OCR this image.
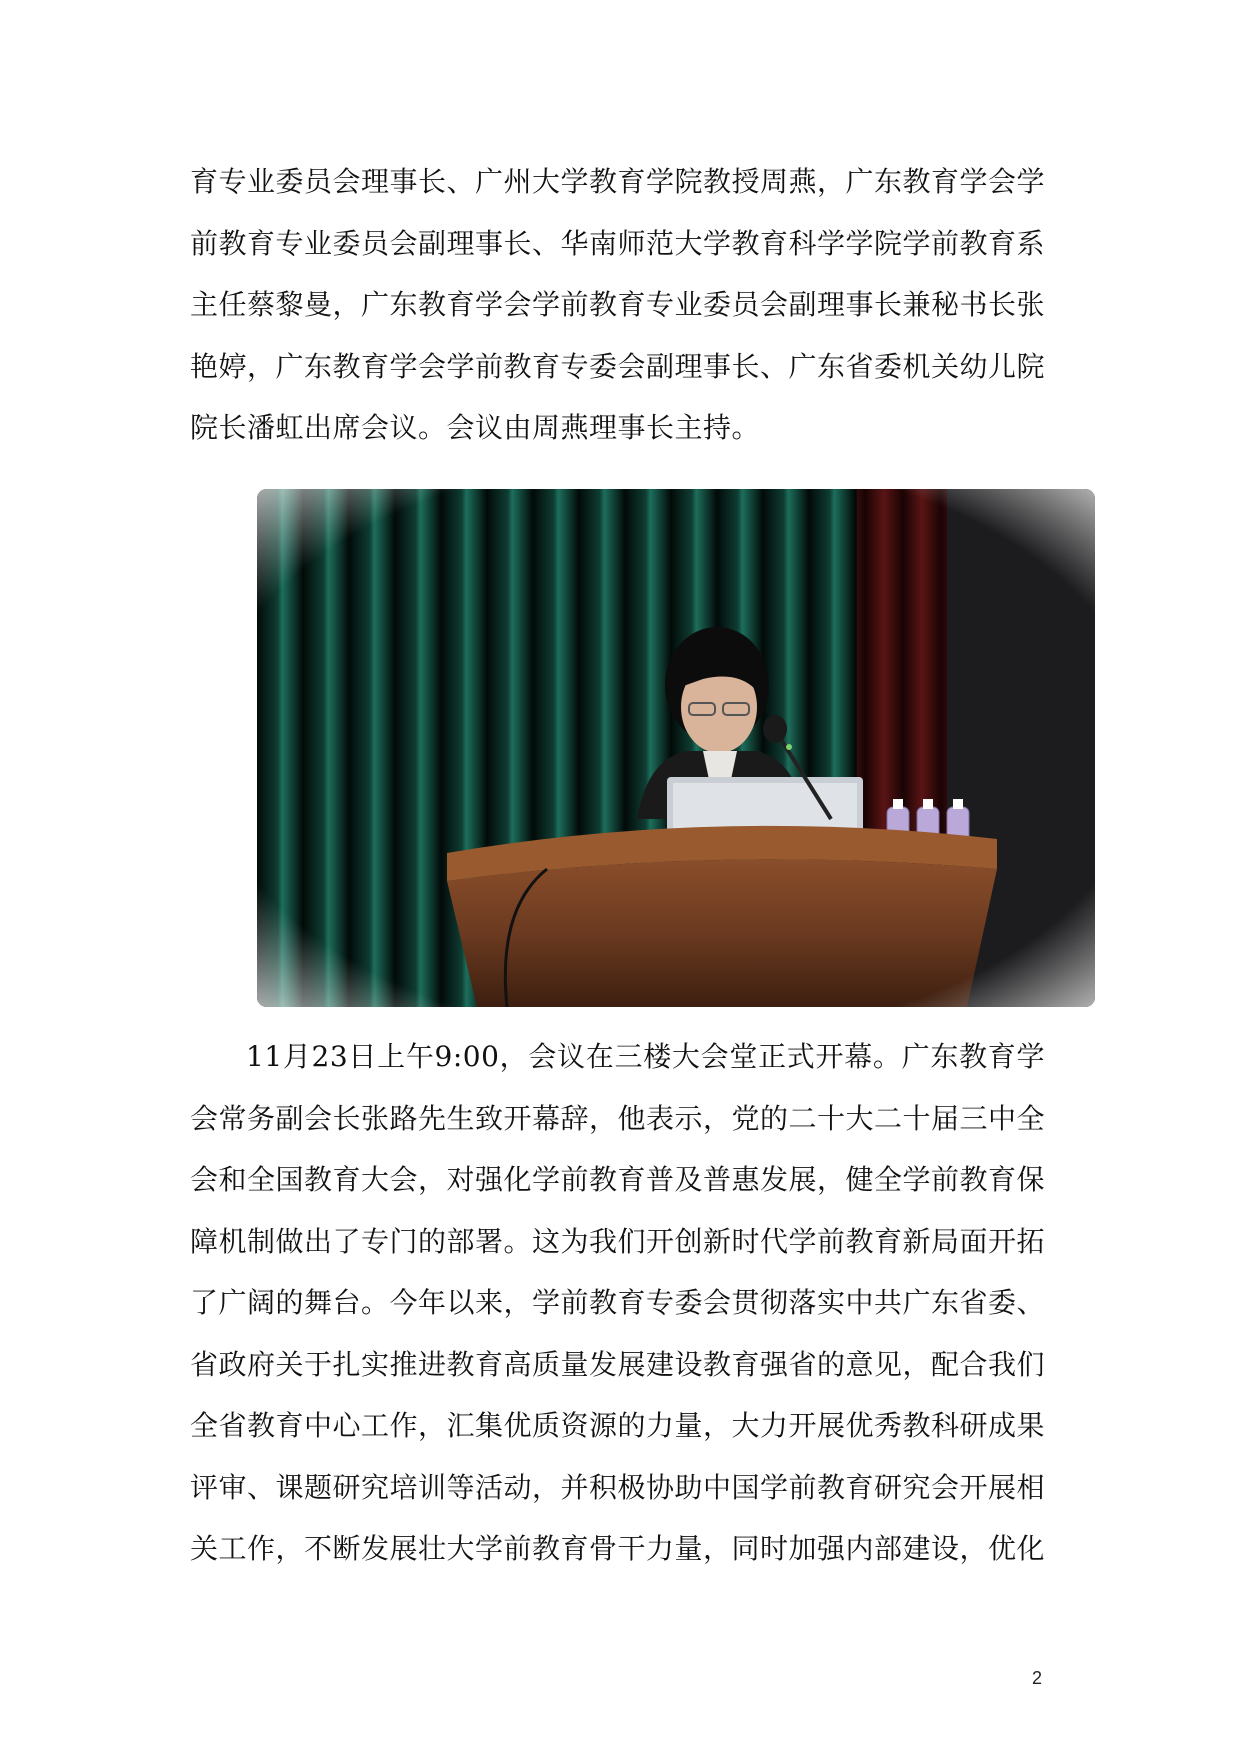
育专业委员会理事长、广州大学教育学院教授周燕，广东教育学会学前教育专业委员会副理事长、华南师范大学教育科学学院学前教育系主任蔡黎曼，广东教育学会学前教育专业委员会副理事长兼秘书长张艳婷，广东教育学会学前教育专委会副理事长、广东省委机关幼儿院院长潘虹出席会议。会议由周燕理事长主持。

11月23日上午9:00，会议在三楼大会堂正式开幕。广东教育学会常务副会长张路先生致开幕辞，他表示，党的二十大二十届三中全会和全国教育大会，对强化学前教育普及普惠发展，健全学前教育保障机制做出了专门的部署。这为我们开创新时代学前教育新局面开拓了广阔的舞台。今年以来，学前教育专委会贯彻落实中共广东省委、省政府关于扎实推进教育高质量发展建设教育强省的意见，配合我们全省教育中心工作，汇集优质资源的力量，大力开展优秀教科研成果评审、课题研究培训等活动，并积极协助中国学前教育研究会开展相关工作，不断发展壮大学前教育骨干力量，同时加强内部建设，优化

2
